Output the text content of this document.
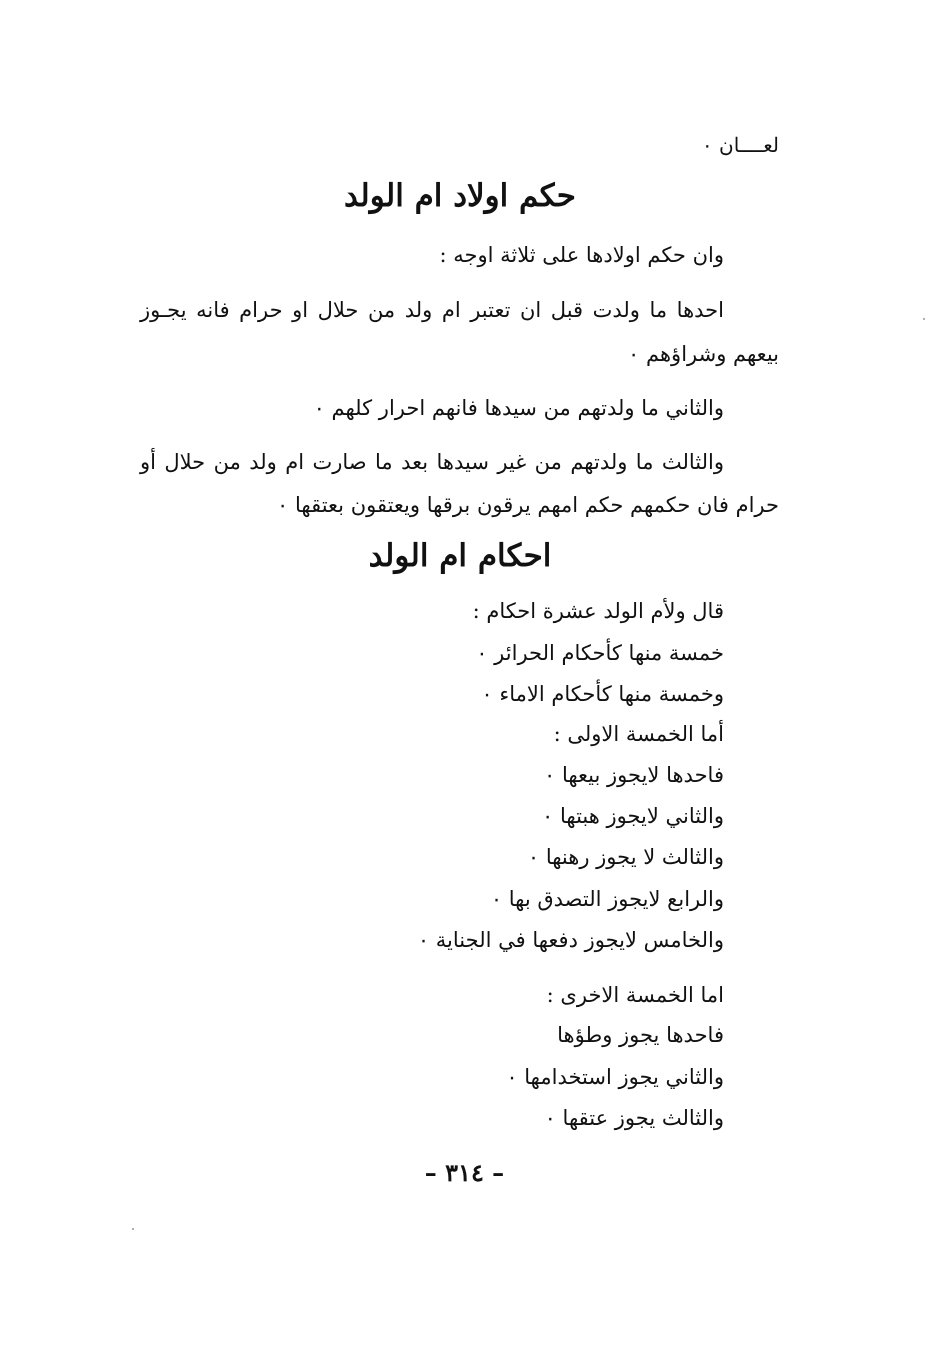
لعــــان ٠
حكم اولاد ام الولد
وان حكم اولادها على ثلاثة اوجه :
احدها ما ولدت قبل ان تعتبر ام ولد من حلال او حرام فانه يجـوز
بيعهم وشراؤهم ٠
والثاني ما ولدتهم من سيدها فانهم احرار كلهم ٠
والثالث ما ولدتهم من غير سيدها بعد ما صارت ام ولد من حلال أو
حرام فان حكمهم حكم امهم يرقون برقها ويعتقون بعتقها ٠
احكام ام الولد
قال ولأم الولد عشرة احكام :
خمسة منها كأحكام الحرائر ٠
وخمسة منها كأحكام الاماء ٠
أما الخمسة الاولى :
فاحدها لايجوز بيعها ٠
والثاني لايجوز هبتها ٠
والثالث لا يجوز رهنها ٠
والرابع لايجوز التصدق بها ٠
والخامس لايجوز دفعها في الجناية ٠
اما الخمسة الاخرى :
فاحدها يجوز وطؤها
والثاني يجوز استخدامها ٠
والثالث يجوز عتقها ٠
– ٣١٤ –
